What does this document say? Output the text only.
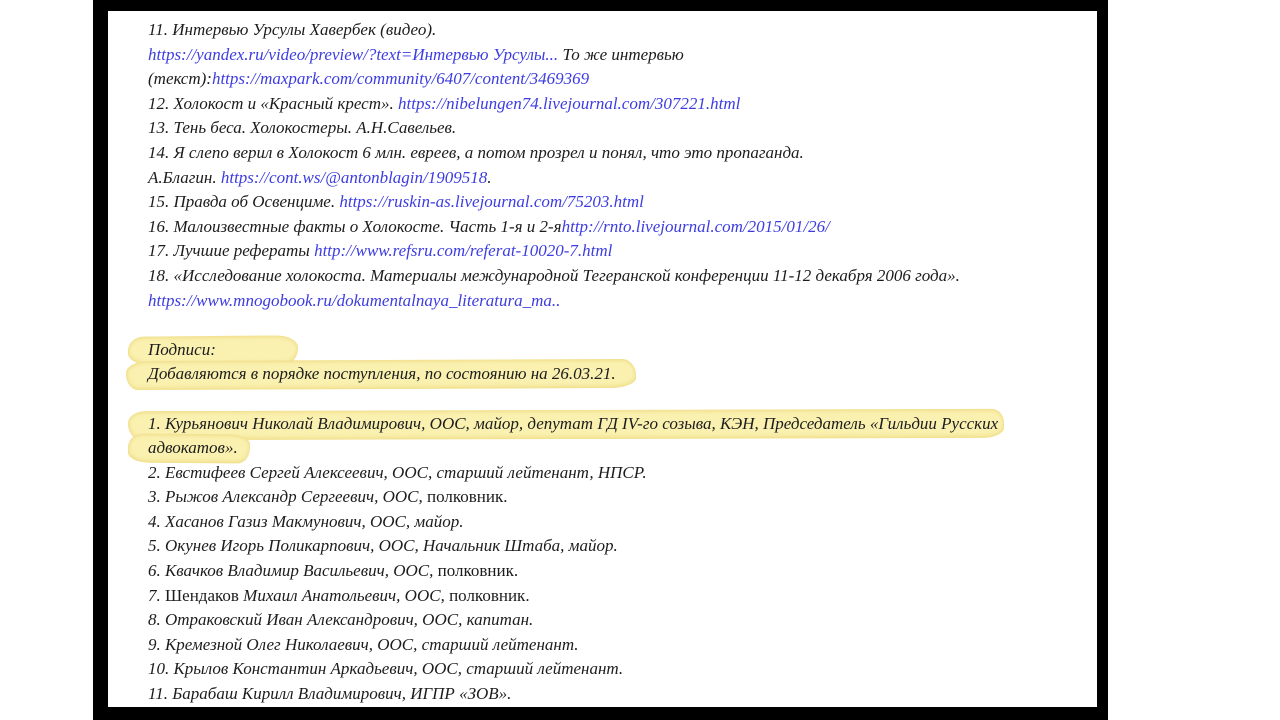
11. Интервью Урсулы Хавербек (видео).
https://yandex.ru/video/preview/?text=Интервью Урсулы... То же интервью
(текст):https://maxpark.com/community/6407/content/3469369
12. Холокост и «Красный крест». https://nibelungen74.livejournal.com/307221.html
13. Тень беса. Холокостеры. А.Н.Савельев.
14. Я слепо верил в Холокост 6 млн. евреев, а потом прозрел и понял, что это пропаганда.
А.Благин. https://cont.ws/@antonblagin/1909518.
15. Правда об Освенциме. https://ruskin-as.livejournal.com/75203.html
16. Малоизвестные факты о Холокосте. Часть 1-я и 2-яhttp://rnto.livejournal.com/2015/01/26/
17. Лучшие рефераты http://www.refsru.com/referat-10020-7.html
18. «Исследование холокоста. Материалы международной Тегеранской конференции 11-12 декабря 2006 года».
https://www.mnogobook.ru/dokumentalnaya_literatura_ma..

Подписи:
Добавляются в порядке поступления, по состоянию на 26.03.21.

1. Курьянович Николай Владимирович, ООС, майор, депутат ГД IV-го созыва, КЭН, Председатель «Гильдии Русских
адвокатов».
2. Евстифеев Сергей Алексеевич, ООС, старший лейтенант, НПСР.
3. Рыжов Александр Сергеевич, ООС, полковник.
4. Хасанов Газиз Макмунович, ООС, майор.
5. Окунев Игорь Поликарпович, ООС, Начальник Штаба, майор.
6. Квачков Владимир Васильевич, ООС, полковник.
7. Шендаков Михаил Анатольевич, ООС, полковник.
8. Отраковский Иван Александрович, ООС, капитан.
9. Кремезной Олег Николаевич, ООС, старший лейтенант.
10. Крылов Константин Аркадьевич, ООС, старший лейтенант.
11. Барабаш Кирилл Владимирович, ИГПР «ЗОВ».
